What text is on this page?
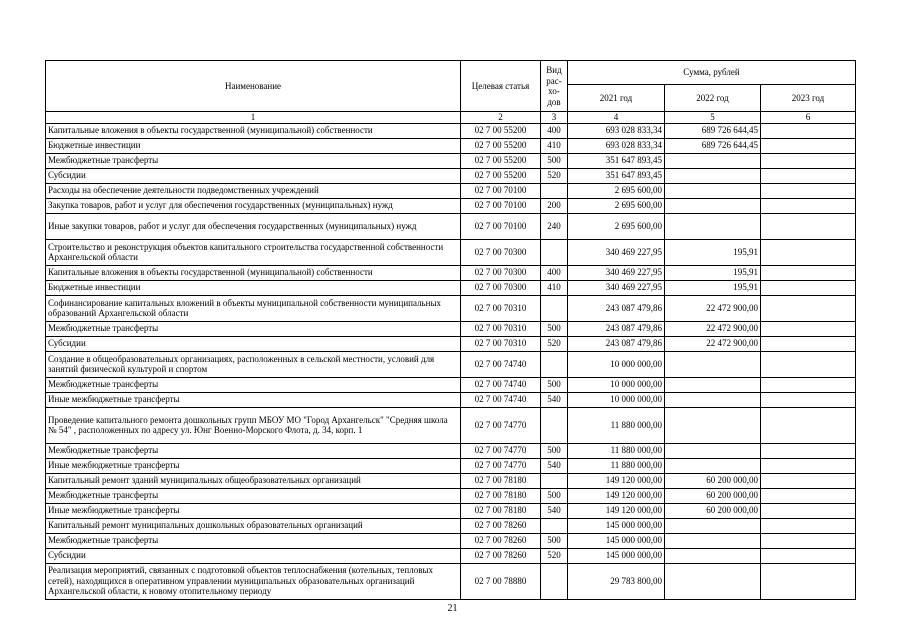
Наименование	Целевая статья	Вид рас-хо-дов	Сумма, рублей		
			2021 год	2022 год	2023 год
1	2	3	4	5	6
Капитальные вложения в объекты государственной (муниципальной) собственности	02 7 00 55200	400	693 028 833,34	689 726 644,45	
Бюджетные инвестиции	02 7 00 55200	410	693 028 833,34	689 726 644,45	
Межбюджетные трансферты	02 7 00 55200	500	351 647 893,45		
Субсидии	02 7 00 55200	520	351 647 893,45		
Расходы на обеспечение деятельности подведомственных учреждений	02 7 00 70100		2 695 600,00		
Закупка товаров, работ и услуг для обеспечения государственных (муниципальных) нужд	02 7 00 70100	200	2 695 600,00		
Иные закупки товаров, работ и услуг для обеспечения государственных (муниципальных) нужд	02 7 00 70100	240	2 695 600,00		
Строительство и реконструкция объектов капитального строительства государственной собственности Архангельской области	02 7 00 70300		340 469 227,95	195,91	
Капитальные вложения в объекты государственной (муниципальной) собственности	02 7 00 70300	400	340 469 227,95	195,91	
Бюджетные инвестиции	02 7 00 70300	410	340 469 227,95	195,91	
Софинансирование капитальных вложений в объекты муниципальной собственности муниципальных образований Архангельской области	02 7 00 70310		243 087 479,86	22 472 900,00	
Межбюджетные трансферты	02 7 00 70310	500	243 087 479,86	22 472 900,00	
Субсидии	02 7 00 70310	520	243 087 479,86	22 472 900,00	
Создание в общеобразовательных организациях, расположенных в сельской местности, условий для занятий физической культурой и спортом	02 7 00 74740		10 000 000,00		
Межбюджетные трансферты	02 7 00 74740	500	10 000 000,00		
Иные межбюджетные трансферты	02 7 00 74740	540	10 000 000,00		
Проведение капитального ремонта дошкольных групп МБОУ МО "Город Архангельск" "Средняя школа № 54" , расположенных по адресу ул. Юнг Военно-Морского Флота, д. 34, корп. 1	02 7 00 74770		11 880 000,00		
Межбюджетные трансферты	02 7 00 74770	500	11 880 000,00		
Иные межбюджетные трансферты	02 7 00 74770	540	11 880 000,00		
Капитальный ремонт зданий муниципальных общеобразовательных организаций	02 7 00 78180		149 120 000,00	60 200 000,00	
Межбюджетные трансферты	02 7 00 78180	500	149 120 000,00	60 200 000,00	
Иные межбюджетные трансферты	02 7 00 78180	540	149 120 000,00	60 200 000,00	
Капитальный ремонт муниципальных дошкольных образовательных организаций	02 7 00 78260		145 000 000,00		
Межбюджетные трансферты	02 7 00 78260	500	145 000 000,00		
Субсидии	02 7 00 78260	520	145 000 000,00		
Реализация мероприятий, связанных с подготовкой объектов теплоснабжения (котельных, тепловых сетей), находящихся в оперативном управлении муниципальных образовательных организаций Архангельской области, к новому отопительному периоду	02 7 00 78880		29 783 800,00		
21
